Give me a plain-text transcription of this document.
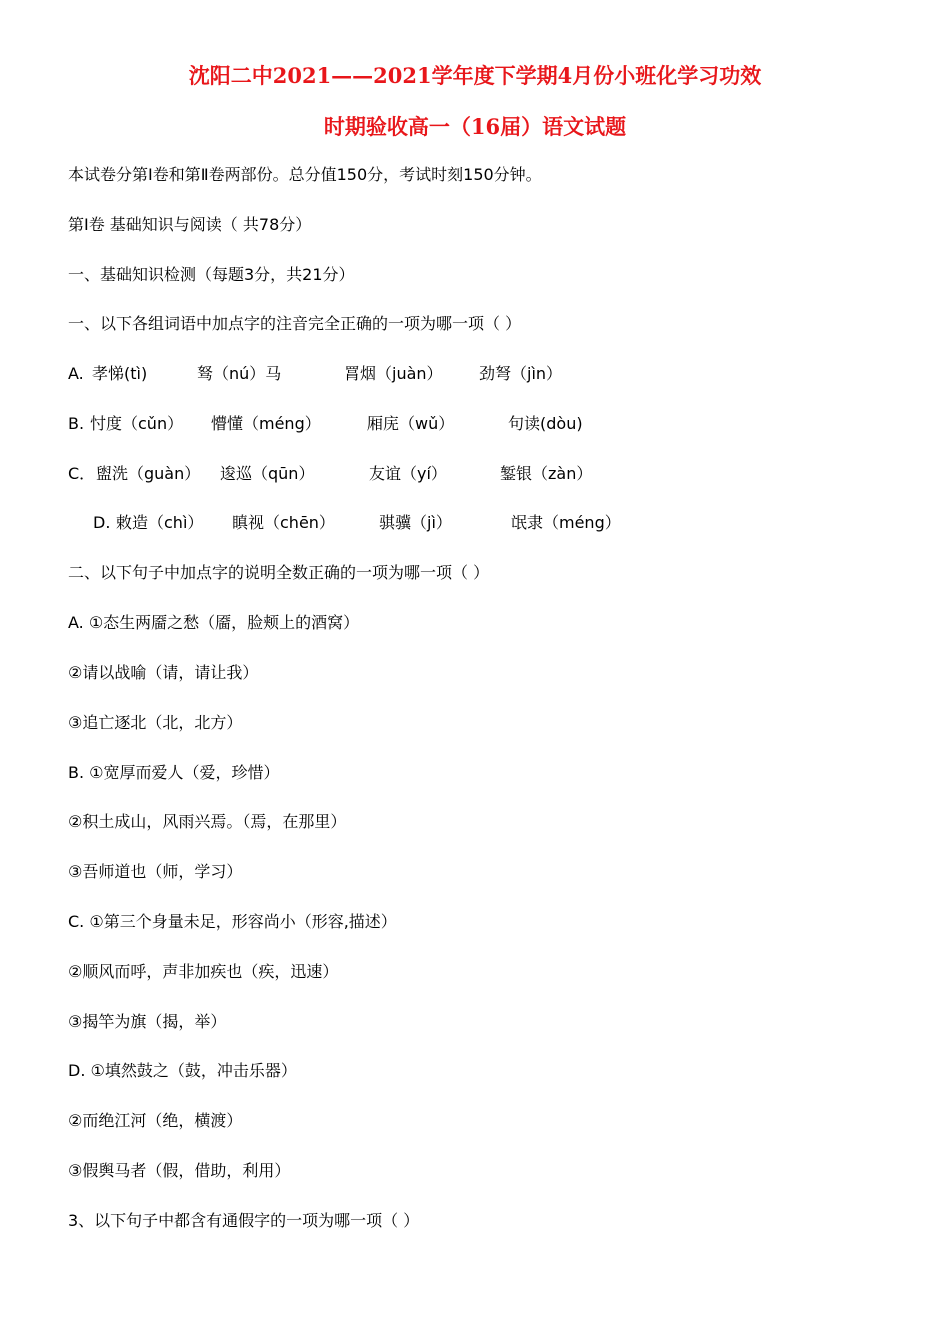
沈阳二中2021——2021学年度下学期4月份小班化学习功效
时期验收高一（16届）语文试题
本试卷分第Ⅰ卷和第Ⅱ卷两部份。总分值150分，考试时刻150分钟。
第Ⅰ卷 基础知识与阅读（ 共78分）
一、基础知识检测（每题3分，共21分）
一、以下各组词语中加点字的注音完全正确的一项为哪一项（ ）
A. 孝悌(tì)	驽（nú）马	罥烟（juàn） 劲弩（jìn）
B. 忖度（cǔn） 懵懂（méng）	厢庑（wǔ）	句读(dòu)
C． 盥洗（guàn） 逡巡（qūn）	友谊（yí）	錾银（zàn）
D. 敕造（chì） 瞋视（chēn）	骐骥（jì）	氓隶（méng）
二、以下句子中加点字的说明全数正确的一项为哪一项（ ）
A. ①态生两靥之愁（靥，脸颊上的酒窝）
②请以战喻（请，请让我）
③追亡逐北（北，北方）
B. ①宽厚而爱人（爱，珍惜）
②积土成山，风雨兴焉。（焉，在那里）
③吾师道也（师，学习）
C. ①第三个身量未足，形容尚小（形容,描述）
②顺风而呼，声非加疾也（疾，迅速）
③揭竿为旗（揭，举）
D. ①填然鼓之（鼓，冲击乐器）
②而绝江河（绝，横渡）
③假舆马者（假，借助，利用）
3、以下句子中都含有通假字的一项为哪一项（ ）
